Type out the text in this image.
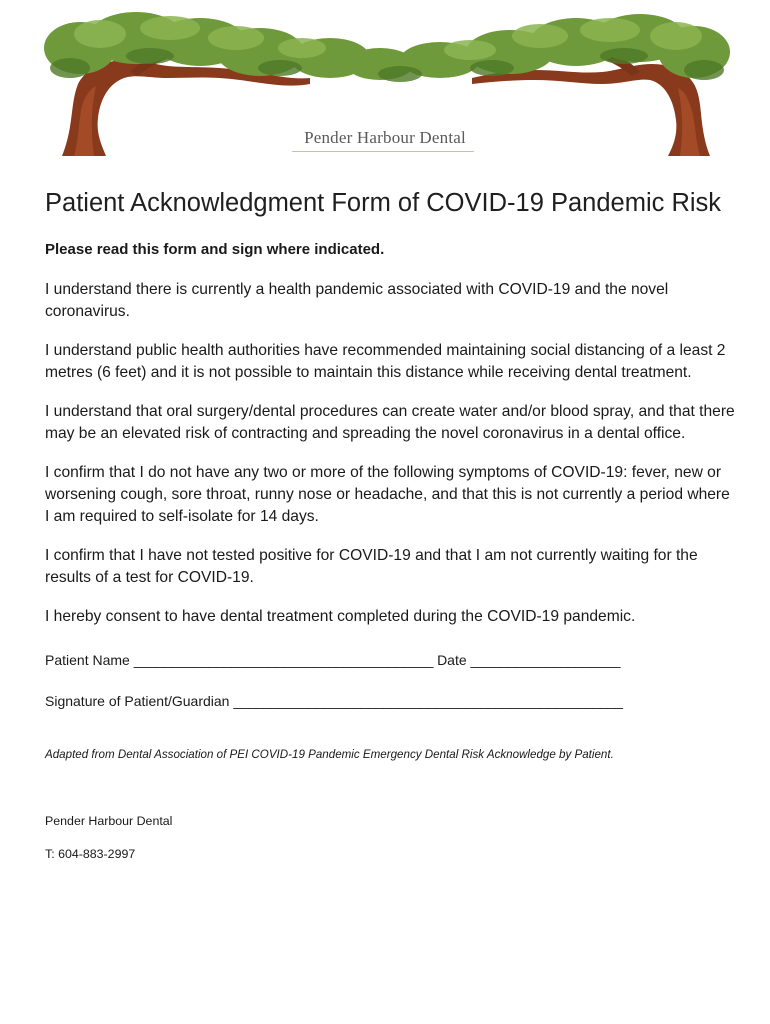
Pender Harbour Dental
Patient Acknowledgment Form of COVID-19 Pandemic Risk

Please read this form and sign where indicated.

I understand there is currently a health pandemic associated with COVID-19 and the novel coronavirus.

I understand public health authorities have recommended maintaining social distancing of a least 2 metres (6 feet) and it is not possible to maintain this distance while receiving dental treatment.

I understand that oral surgery/dental procedures can create water and/or blood spray, and that there may be an elevated risk of contracting and spreading the novel coronavirus in a dental office.

I confirm that I do not have any two or more of the following symptoms of COVID-19: fever, new or worsening cough, sore throat, runny nose or headache, and that this is not currently a period where I am required to self-isolate for 14 days.

I confirm that I have not tested positive for COVID-19 and that I am not currently waiting for the results of a test for COVID-19.

I hereby consent to have dental treatment completed during the COVID-19 pandemic.

Patient Name ________________________________________ Date ____________________
Signature of Patient/Guardian ____________________________________________________

Adapted from Dental Association of PEI COVID-19 Pandemic Emergency Dental Risk Acknowledge by Patient.

Pender Harbour Dental

T: 604-883-2997
